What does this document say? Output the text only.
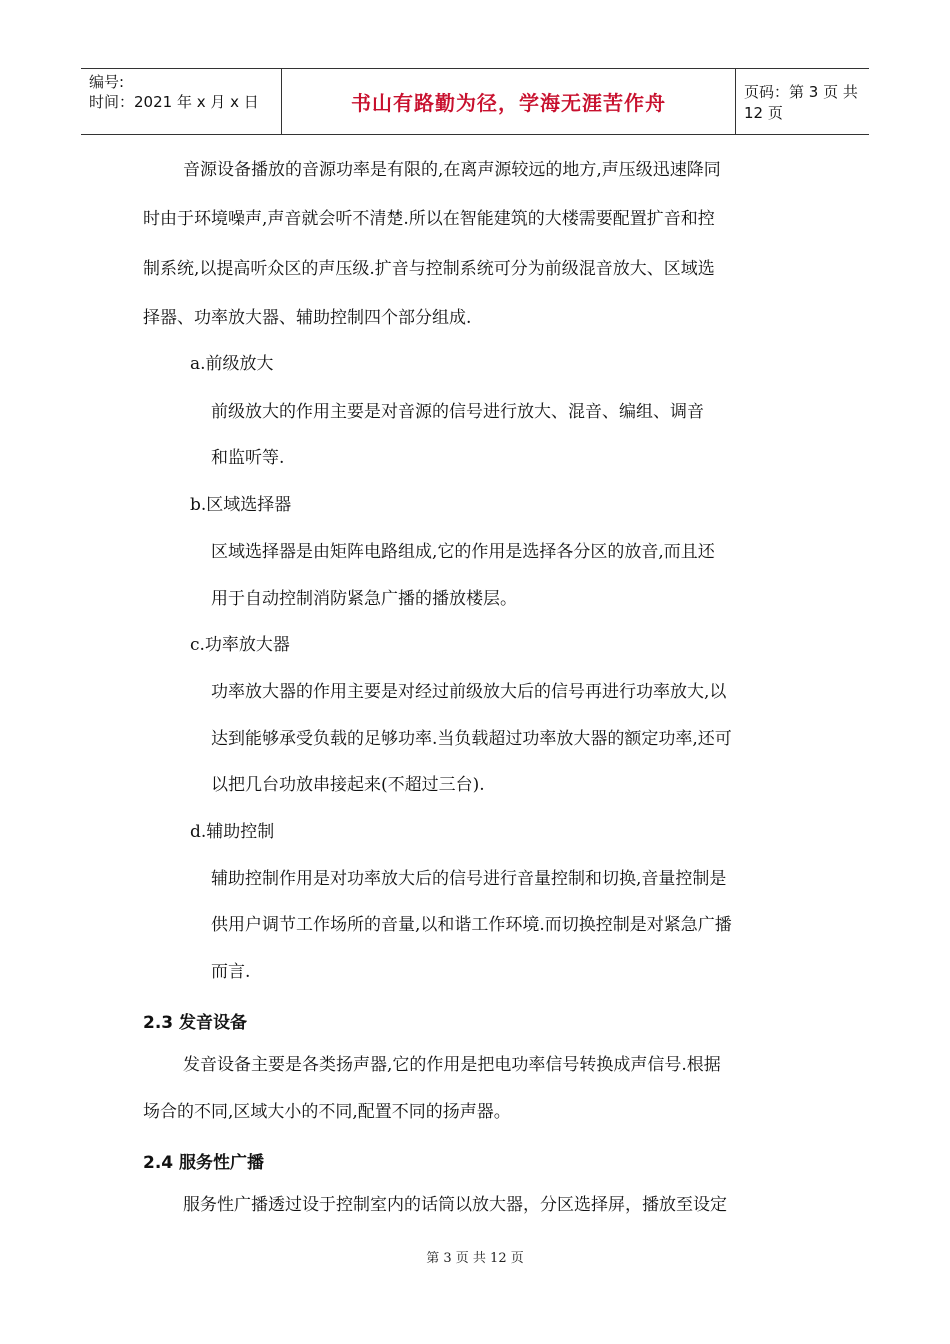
编号:
时间：2021 年 x 月 x 日	书山有路勤为径，学海无涯苦作舟	页码：第 3 页 共 12 页
音源设备播放的音源功率是有限的,在离声源较远的地方,声压级迅速降同
时由于环境噪声,声音就会听不清楚.所以在智能建筑的大楼需要配置扩音和控
制系统,以提高听众区的声压级.扩音与控制系统可分为前级混音放大、区域选
择器、功率放大器、辅助控制四个部分组成.
a.前级放大
前级放大的作用主要是对音源的信号进行放大、混音、编组、调音
和监听等.
b.区域选择器
区域选择器是由矩阵电路组成,它的作用是选择各分区的放音,而且还
用于自动控制消防紧急广播的播放楼层。
c.功率放大器
功率放大器的作用主要是对经过前级放大后的信号再进行功率放大,以
达到能够承受负载的足够功率.当负载超过功率放大器的额定功率,还可
以把几台功放串接起来(不超过三台).
d.辅助控制
辅助控制作用是对功率放大后的信号进行音量控制和切换,音量控制是
供用户调节工作场所的音量,以和谐工作环境.而切换控制是对紧急广播
而言.
2.3 发音设备
发音设备主要是各类扬声器,它的作用是把电功率信号转换成声信号.根据
场合的不同,区域大小的不同,配置不同的扬声器。
2.4 服务性广播
服务性广播透过设于控制室内的话筒以放大器，分区选择屏，播放至设定
第 3 页 共 12 页
